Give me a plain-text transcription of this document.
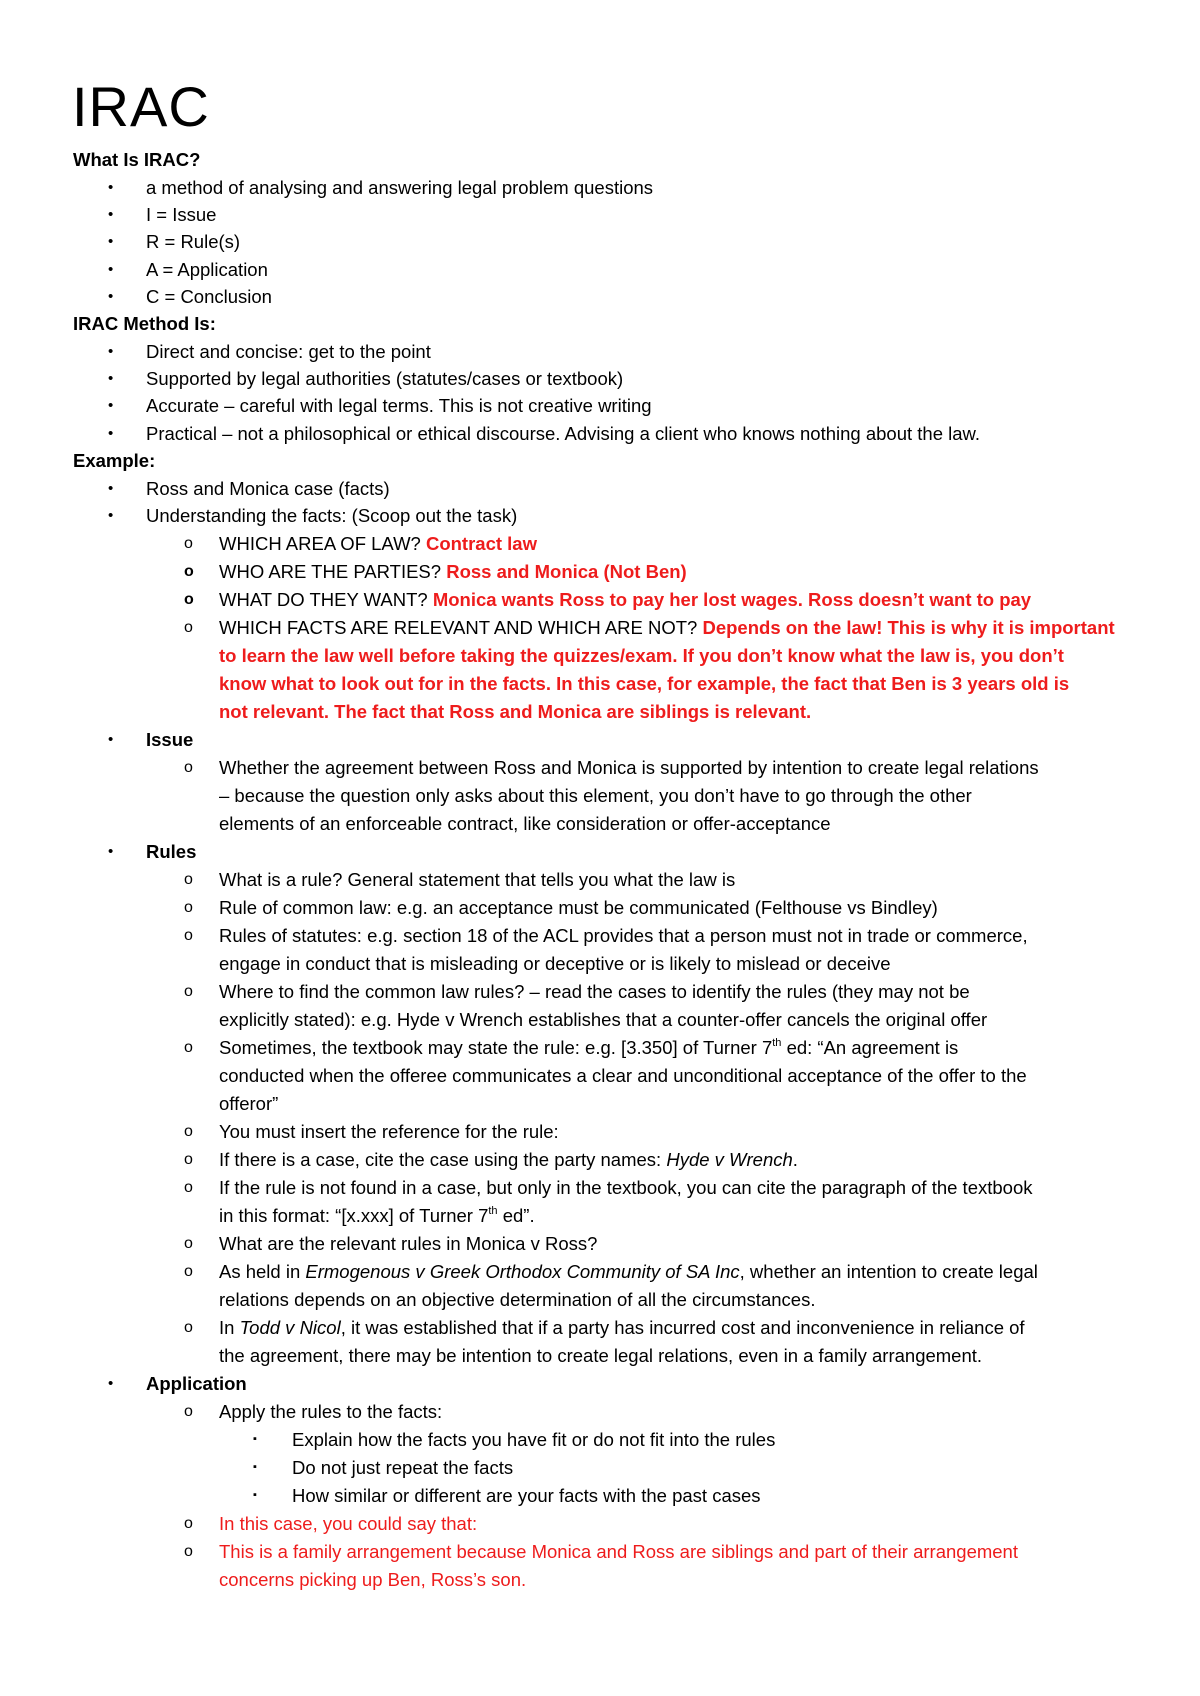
IRAC
What Is IRAC?
• a method of analysing and answering legal problem questions
• I = Issue
• R = Rule(s)
• A = Application
• C = Conclusion
IRAC Method Is:
• Direct and concise: get to the point
• Supported by legal authorities (statutes/cases or textbook)
• Accurate – careful with legal terms. This is not creative writing
• Practical – not a philosophical or ethical discourse. Advising a client who knows nothing about the law.
Example:
• Ross and Monica case (facts)
• Understanding the facts: (Scoop out the task)
o WHICH AREA OF LAW? Contract law
o WHO ARE THE PARTIES? Ross and Monica (Not Ben)
o WHAT DO THEY WANT? Monica wants Ross to pay her lost wages. Ross doesn’t want to pay
o WHICH FACTS ARE RELEVANT AND WHICH ARE NOT? Depends on the law! This is why it is important
to learn the law well before taking the quizzes/exam. If you don’t know what the law is, you don’t
know what to look out for in the facts. In this case, for example, the fact that Ben is 3 years old is
not relevant. The fact that Ross and Monica are siblings is relevant.
• Issue
o Whether the agreement between Ross and Monica is supported by intention to create legal relations
– because the question only asks about this element, you don’t have to go through the other
elements of an enforceable contract, like consideration or offer-acceptance
• Rules
o What is a rule? General statement that tells you what the law is
o Rule of common law: e.g. an acceptance must be communicated (Felthouse vs Bindley)
o Rules of statutes: e.g. section 18 of the ACL provides that a person must not in trade or commerce,
engage in conduct that is misleading or deceptive or is likely to mislead or deceive
o Where to find the common law rules? – read the cases to identify the rules (they may not be
explicitly stated): e.g. Hyde v Wrench establishes that a counter-offer cancels the original offer
o Sometimes, the textbook may state the rule: e.g. [3.350] of Turner 7th ed: “An agreement is
conducted when the offeree communicates a clear and unconditional acceptance of the offer to the
offeror”
o You must insert the reference for the rule:
o If there is a case, cite the case using the party names: Hyde v Wrench.
o If the rule is not found in a case, but only in the textbook, you can cite the paragraph of the textbook
in this format: “[x.xxx] of Turner 7th ed”.
o What are the relevant rules in Monica v Ross?
o As held in Ermogenous v Greek Orthodox Community of SA Inc, whether an intention to create legal
relations depends on an objective determination of all the circumstances.
o In Todd v Nicol, it was established that if a party has incurred cost and inconvenience in reliance of
the agreement, there may be intention to create legal relations, even in a family arrangement.
• Application
o Apply the rules to the facts:
▪ Explain how the facts you have fit or do not fit into the rules
▪ Do not just repeat the facts
▪ How similar or different are your facts with the past cases
o In this case, you could say that:
o This is a family arrangement because Monica and Ross are siblings and part of their arrangement
concerns picking up Ben, Ross’s son.
